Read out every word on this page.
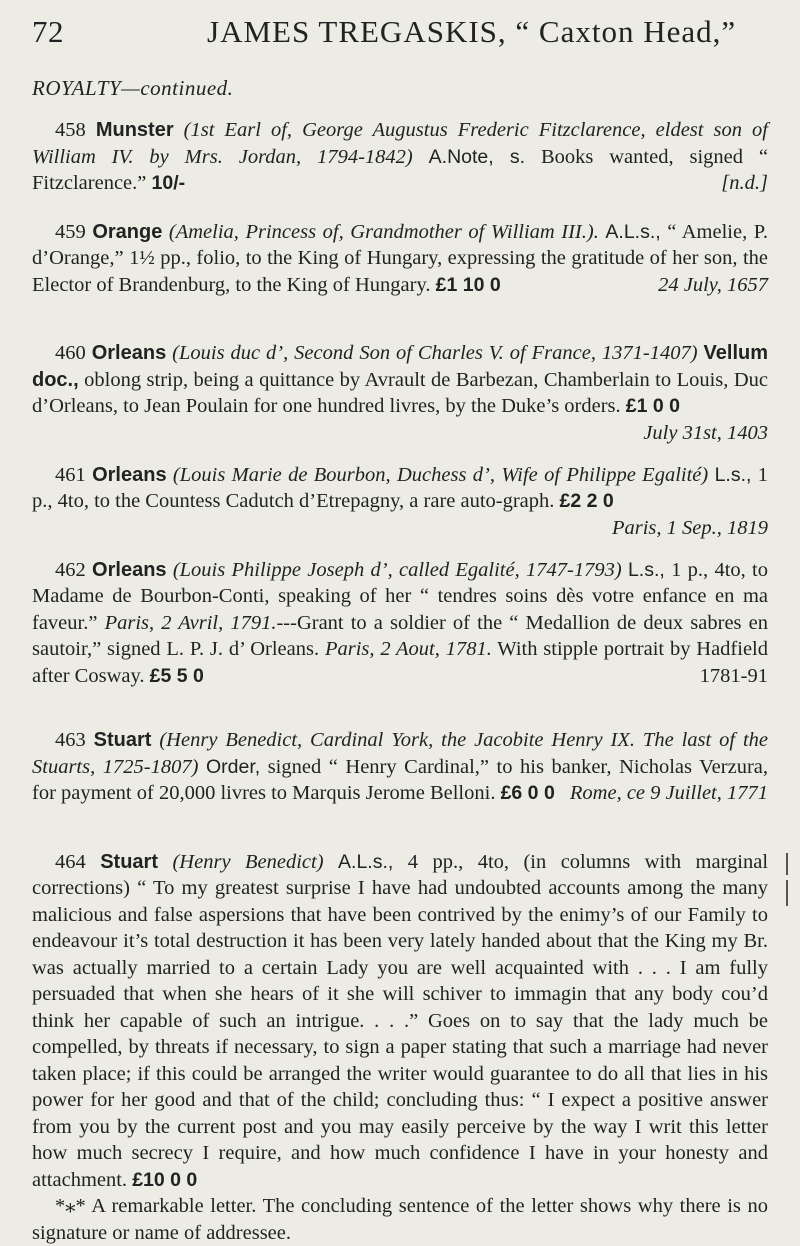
72	JAMES TREGASKIS, “ Caxton Head,”
ROYALTY—continued.

458 Munster (1st Earl of, George Augustus Frederic Fitzclarence, eldest son of William IV. by Mrs. Jordan, 1794-1842) A.Note, s. Books wanted, signed “ Fitzclarence.” 10/-	[n.d.]

459 Orange (Amelia, Princess of, Grandmother of William III.). A.L.s., “ Amelie, P. d’Orange,” 1½ pp., folio, to the King of Hungary, expressing the gratitude of her son, the Elector of Brandenburg, to the King of Hungary. £1 10 0	24 July, 1657

460 Orleans (Louis duc d’, Second Son of Charles V. of France, 1371-1407) Vellum doc., oblong strip, being a quittance by Avrault de Barbezan, Chamberlain to Louis, Duc d’Orleans, to Jean Poulain for one hundred livres, by the Duke’s orders. £1 0 0
July 31st, 1403

461 Orleans (Louis Marie de Bourbon, Duchess d’, Wife of Philippe Egalité) L.s., 1 p., 4to, to the Countess Cadutch d’Etrepagny, a rare auto-graph. £2 2 0
Paris, 1 Sep., 1819

462 Orleans (Louis Philippe Joseph d’, called Egalité, 1747-1793) L.s., 1 p., 4to, to Madame de Bourbon-Conti, speaking of her “ tendres soins dès votre enfance en ma faveur.” Paris, 2 Avril, 1791.---Grant to a soldier of the “ Medallion de deux sabres en sautoir,” signed L. P. J. d’ Orleans. Paris, 2 Aout, 1781. With stipple portrait by Hadfield after Cosway. £5 5 0	1781-91

463 Stuart (Henry Benedict, Cardinal York, the Jacobite Henry IX. The last of the Stuarts, 1725-1807) Order, signed “ Henry Cardinal,” to his banker, Nicholas Verzura, for payment of 20,000 livres to Marquis Jerome Belloni. £6 0 0 Rome, ce 9 Juillet, 1771

464 Stuart (Henry Benedict) A.L.s., 4 pp., 4to, (in columns with marginal corrections) “ To my greatest surprise I have had undoubted accounts among the many malicious and false aspersions that have been contrived by the enimy’s of our Family to endeavour it’s total destruction it has been very lately handed about that the King my Br. was actually married to a certain Lady you are well acquainted with . . . I am fully persuaded that when she hears of it she will schiver to immagin that any body cou’d think her capable of such an intrigue. . . .” Goes on to say that the lady much be compelled, by threats if necessary, to sign a paper stating that such a marriage had never taken place; if this could be arranged the writer would guarantee to do all that lies in his power for her good and that of the child; concluding thus: “ I expect a positive answer from you by the current post and you may easily perceive by the way I writ this letter how much secrecy I require, and how much confidence I have in your honesty and attachment. £10 0 0

*⁎* A remarkable letter. The concluding sentence of the letter shows why there is no signature or name of addressee.
